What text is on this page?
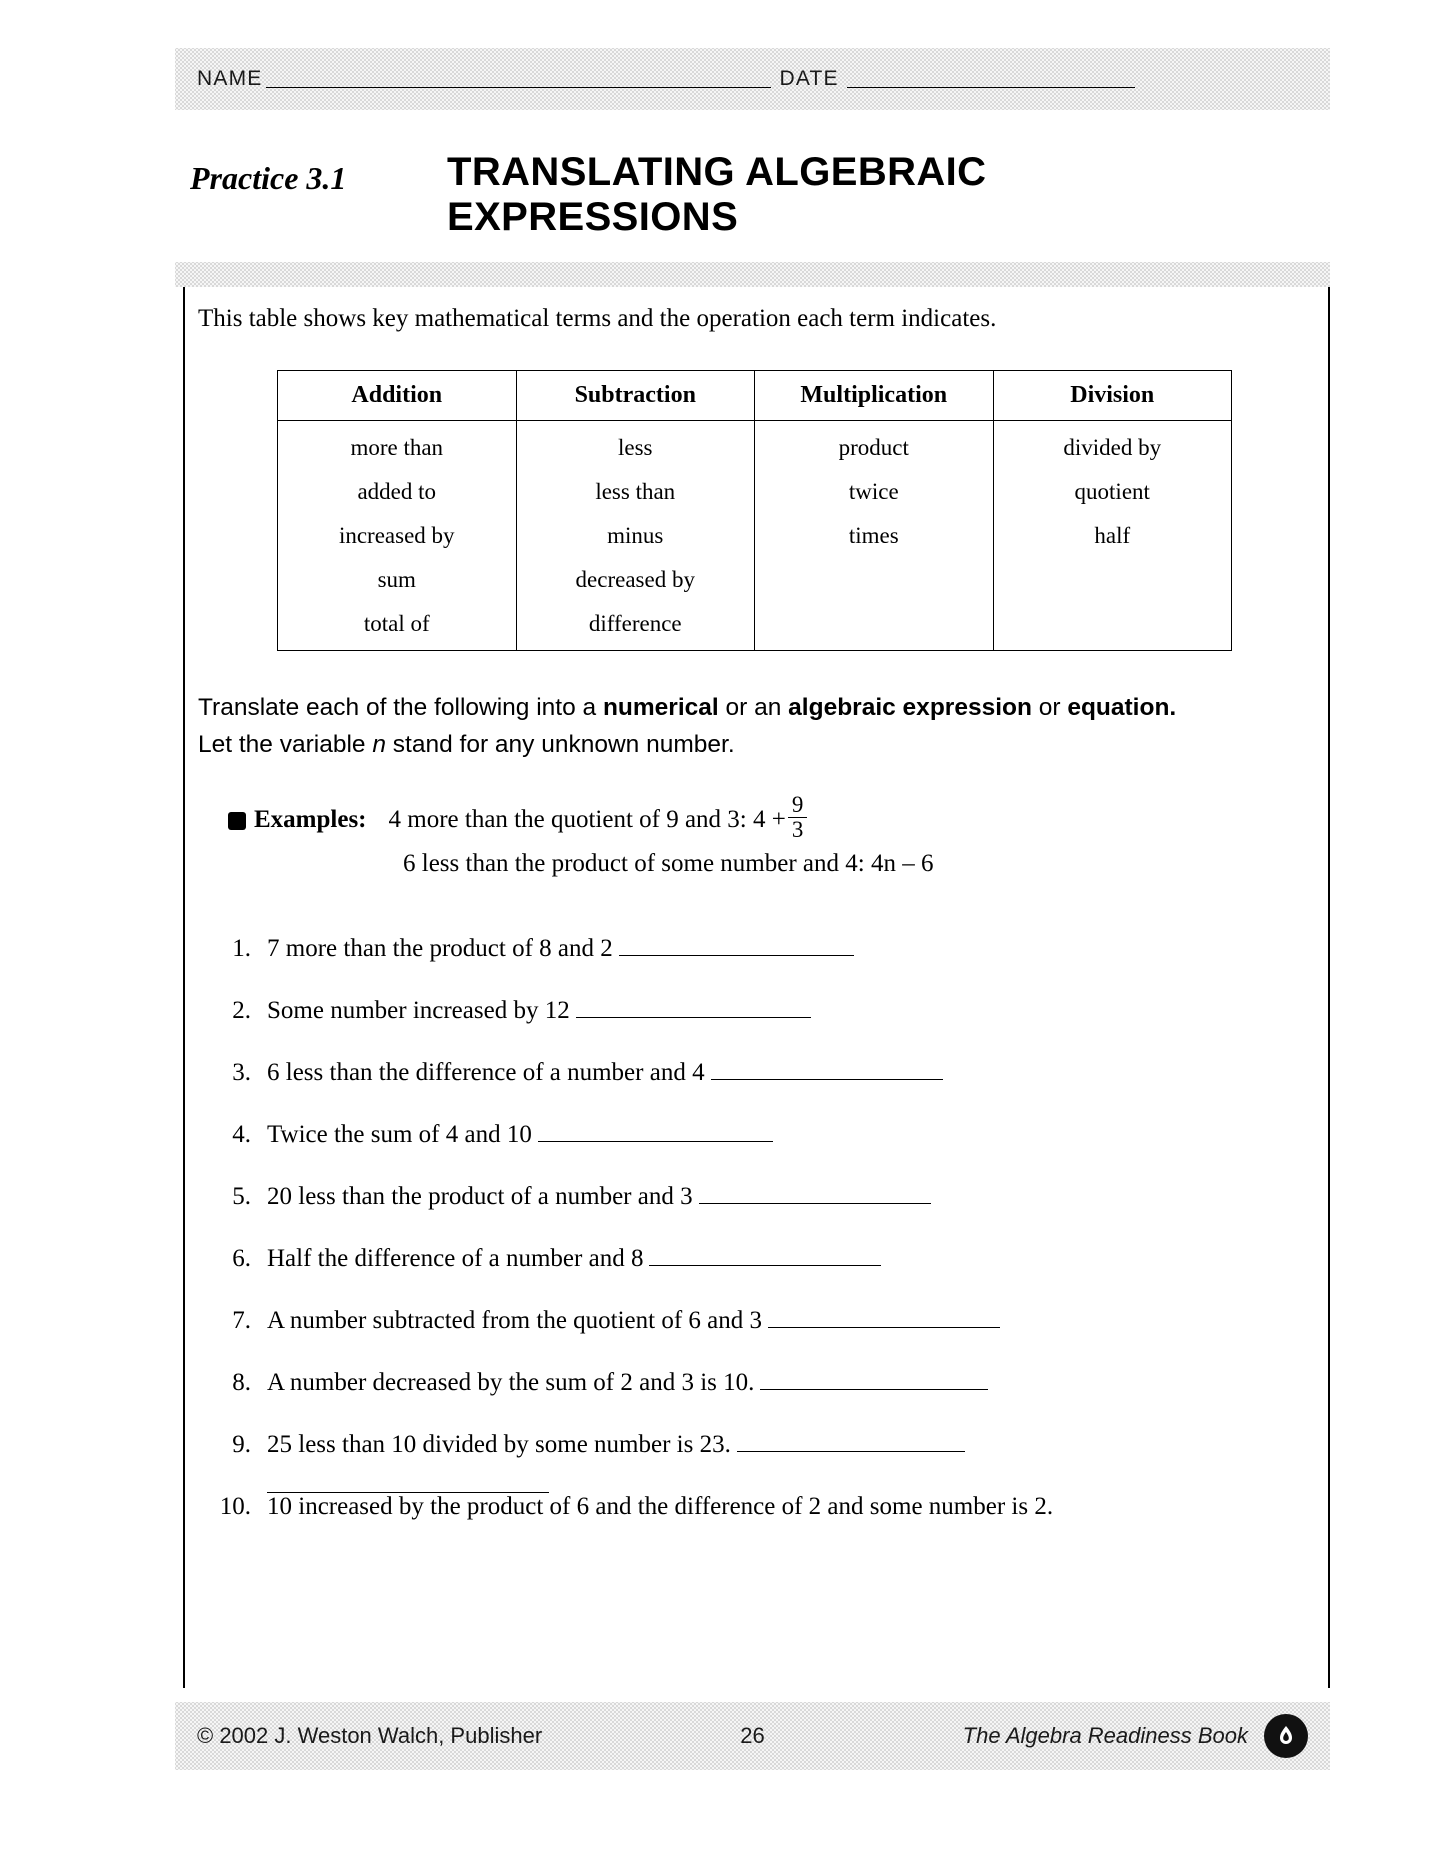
NAME	DATE
Practice 3.1	TRANSLATING ALGEBRAIC EXPRESSIONS
This table shows key mathematical terms and the operation each term indicates.
Addition	Subtraction	Multiplication	Division
more than	less	product	divided by
added to	less than	twice	quotient
increased by	minus	times	half
sum	decreased by		
total of	difference		
Translate each of the following into a numerical or an algebraic expression or equation.
Let the variable n stand for any unknown number.
Examples: 4 more than the quotient of 9 and 3: $4 + \frac{9}{3}$
6 less than the product of some number and 4: 4n – 6
1. 7 more than the product of 8 and 2
2. Some number increased by 12
3. 6 less than the difference of a number and 4
4. Twice the sum of 4 and 10
5. 20 less than the product of a number and 3
6. Half the difference of a number and 8
7. A number subtracted from the quotient of 6 and 3
8. A number decreased by the sum of 2 and 3 is 10.
9. 25 less than 10 divided by some number is 23.
10. 10 increased by the product of 6 and the difference of 2 and some number is 2.
© 2002 J. Weston Walch, Publisher	26	The Algebra Readiness Book
